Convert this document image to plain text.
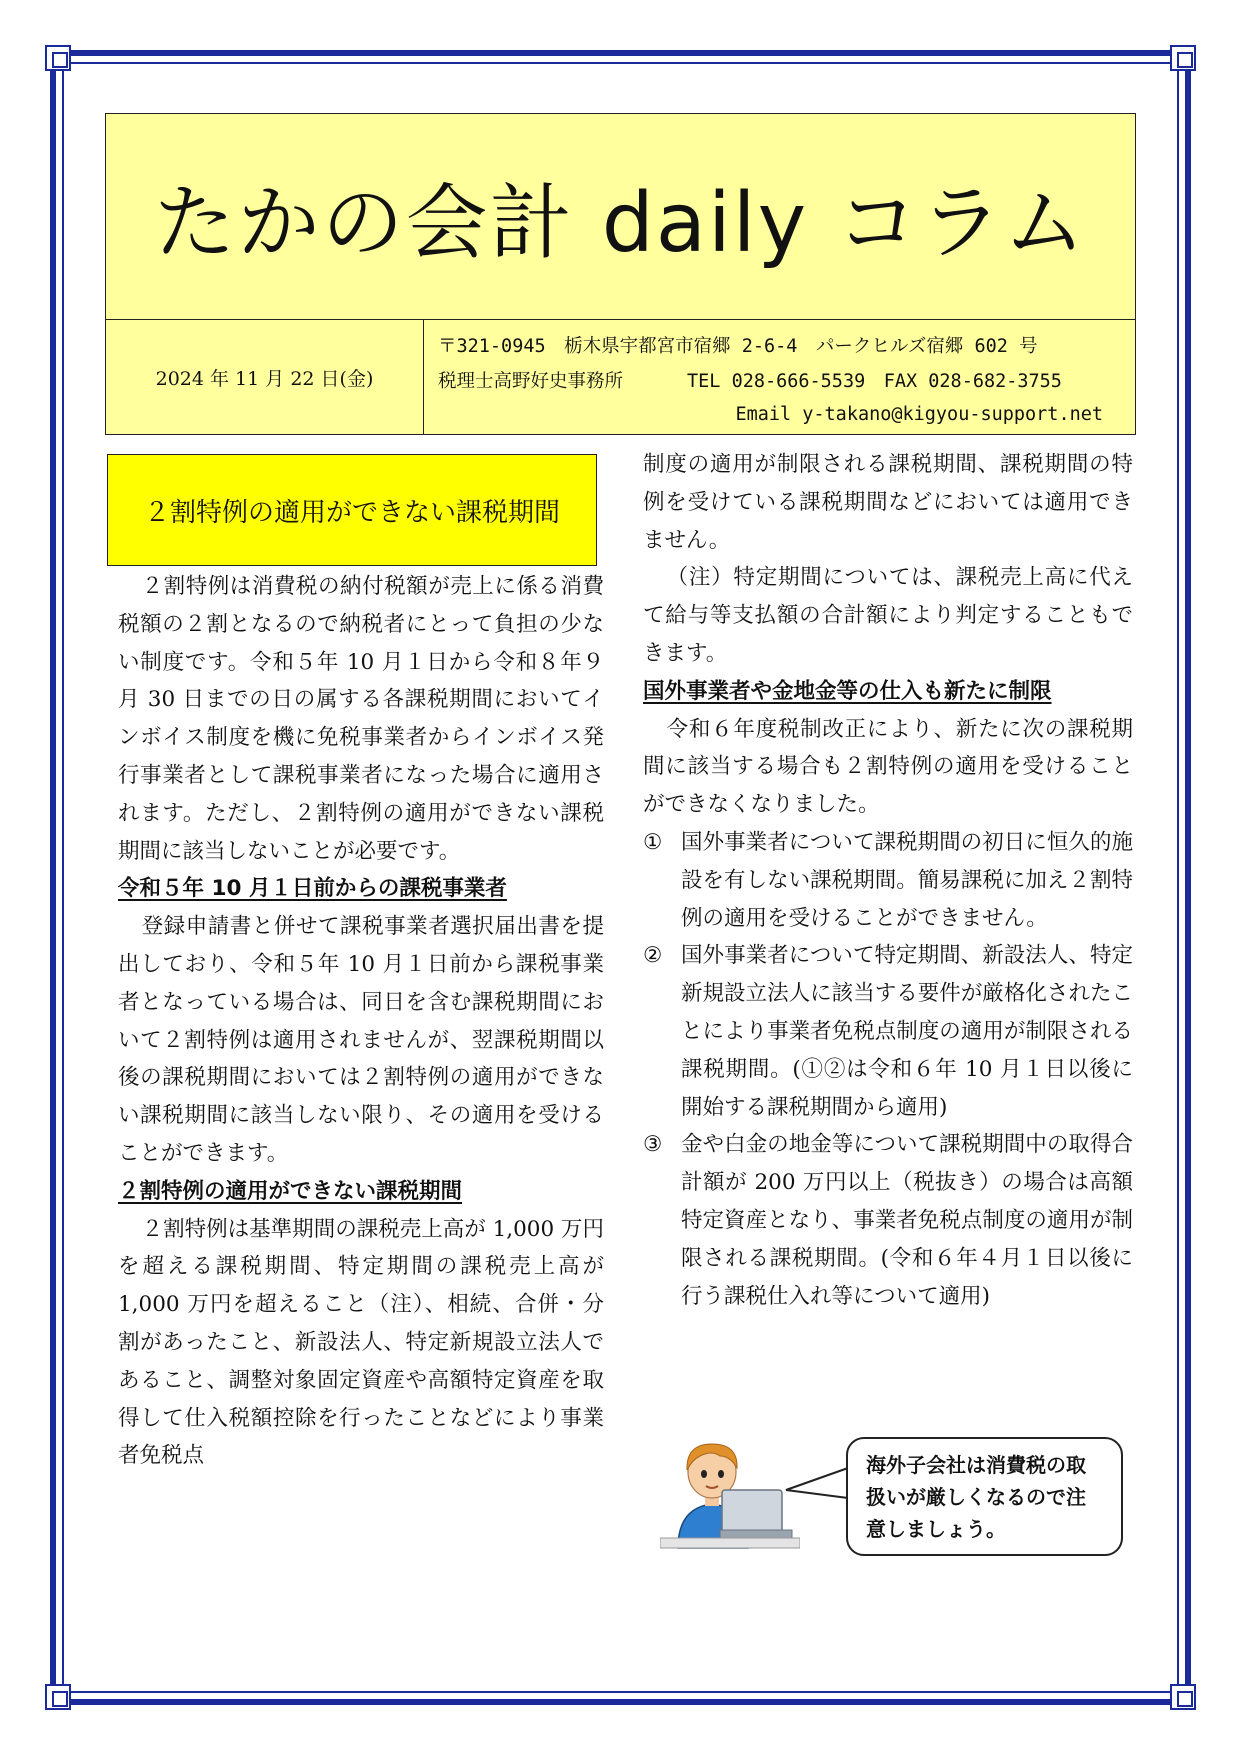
たかの会計 daily コラム
2024 年 11 月 22 日(金)
〒321-0945　栃木県宇都宮市宿郷 2-6-4　パークヒルズ宿郷 602 号
税理士高野好史事務所	TEL 028-666-5539　FAX 028-682-3755
Email y-takano@kigyou-support.net
２割特例の適用ができない課税期間

２割特例は消費税の納付税額が売上に係る消費税額の２割となるので納税者にとって負担の少ない制度です。令和５年 10 月１日から令和８年９月 30 日までの日の属する各課税期間においてインボイス制度を機に免税事業者からインボイス発行事業者として課税事業者になった場合に適用されます。ただし、２割特例の適用ができない課税期間に該当しないことが必要です。

令和５年 10 月１日前からの課税事業者

登録申請書と併せて課税事業者選択届出書を提出しており、令和５年 10 月１日前から課税事業者となっている場合は、同日を含む課税期間において２割特例は適用されませんが、翌課税期間以後の課税期間においては２割特例の適用ができない課税期間に該当しない限り、その適用を受けることができます。

２割特例の適用ができない課税期間

２割特例は基準期間の課税売上高が 1,000 万円を超える課税期間、特定期間の課税売上高が 1,000 万円を超えること（注）、相続、合併・分割があったこと、新設法人、特定新規設立法人であること、調整対象固定資産や高額特定資産を取得して仕入税額控除を行ったことなどにより事業者免税点

制度の適用が制限される課税期間、課税期間の特例を受けている課税期間などにおいては適用できません。

（注）特定期間については、課税売上高に代えて給与等支払額の合計額により判定することもできます。

国外事業者や金地金等の仕入も新たに制限

令和６年度税制改正により、新たに次の課税期間に該当する場合も２割特例の適用を受けることができなくなりました。

① 国外事業者について課税期間の初日に恒久的施設を有しない課税期間。簡易課税に加え２割特例の適用を受けることができません。
② 国外事業者について特定期間、新設法人、特定新規設立法人に該当する要件が厳格化されたことにより事業者免税点制度の適用が制限される課税期間。(①②は令和６年 10 月１日以後に開始する課税期間から適用)
③ 金や白金の地金等について課税期間中の取得合計額が 200 万円以上（税抜き）の場合は高額特定資産となり、事業者免税点制度の適用が制限される課税期間。(令和６年４月１日以後に行う課税仕入れ等について適用)
海外子会社は消費税の取扱いが厳しくなるので注意しましょう。
